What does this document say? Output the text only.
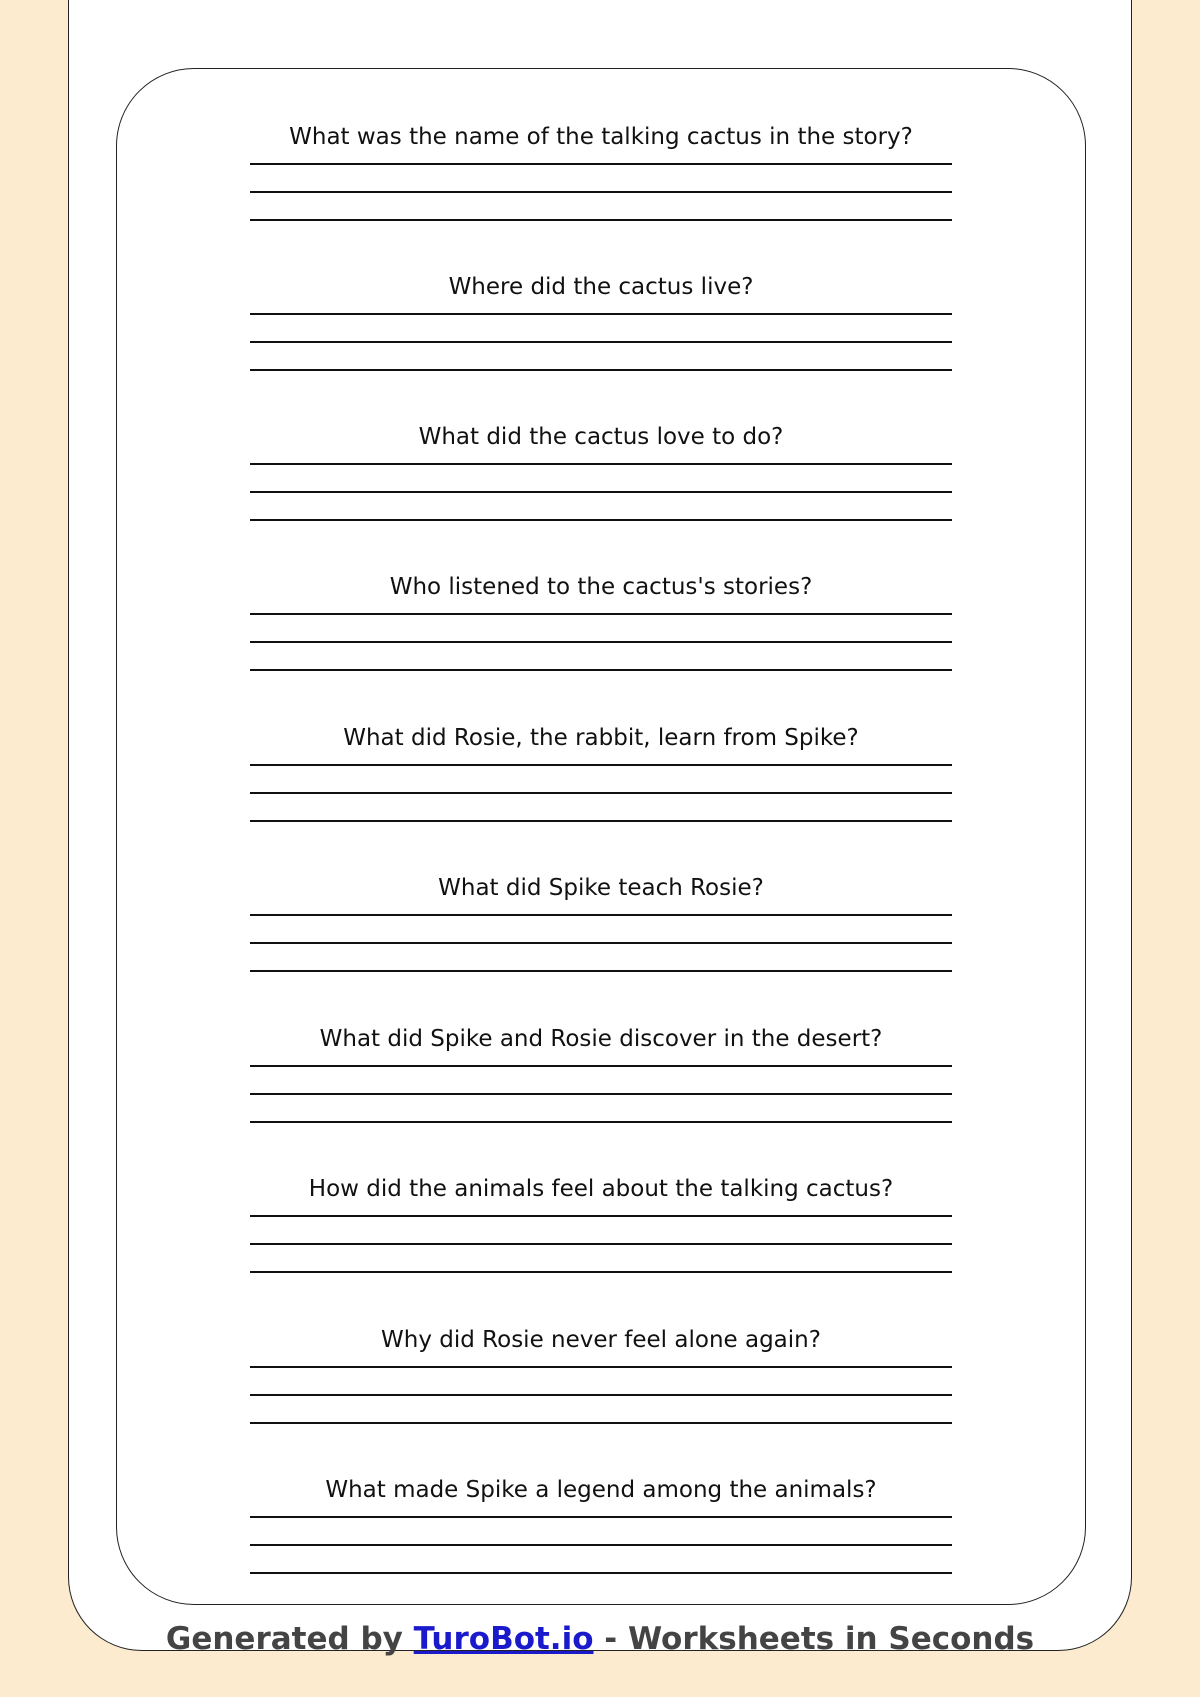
What was the name of the talking cactus in the story?

Where did the cactus live?

What did the cactus love to do?

Who listened to the cactus's stories?

What did Rosie, the rabbit, learn from Spike?

What did Spike teach Rosie?

What did Spike and Rosie discover in the desert?

How did the animals feel about the talking cactus?

Why did Rosie never feel alone again?

What made Spike a legend among the animals?

Generated by TuroBot.io - Worksheets in Seconds
